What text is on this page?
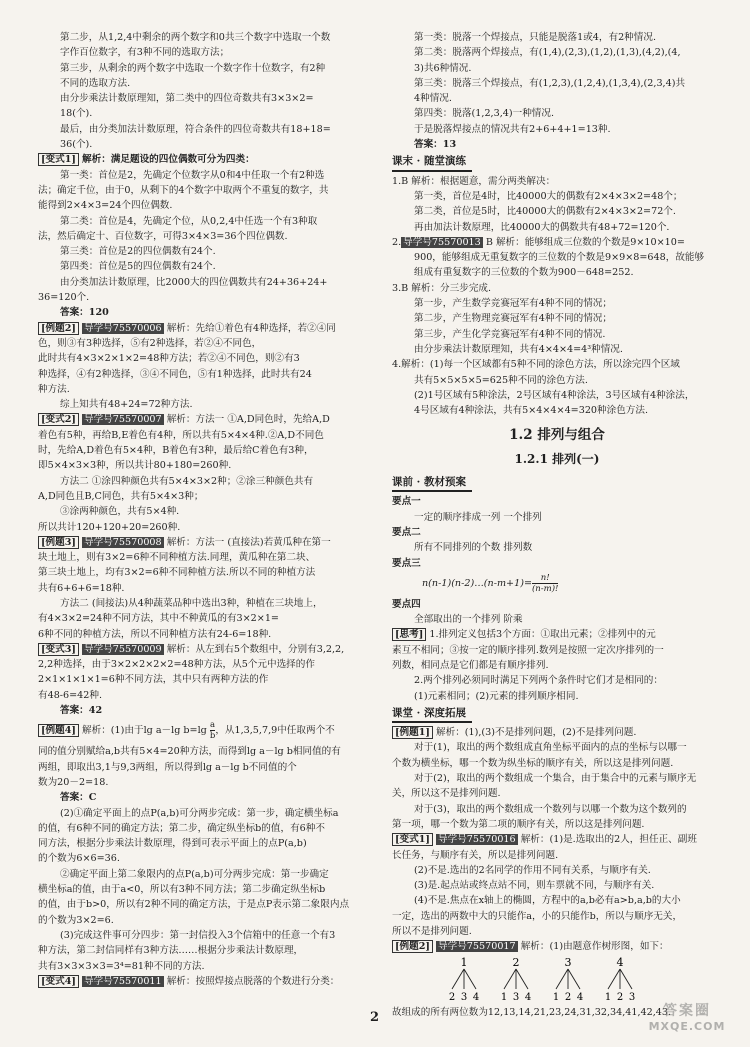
第二步，从1,2,4中剩余的两个数字和0共三个数字中选取一个数

字作百位数字，有3种不同的选取方法；

第三步，从剩余的两个数字中选取一个数字作十位数字，有2种

不同的选取方法.

由分步乘法计数原理知，第二类中的四位奇数共有3×3×2=

18(个).

最后，由分类加法计数原理，符合条件的四位奇数共有18+18=

36(个).

[变式1] 解析：满足题设的四位偶数可分为四类：

第一类：首位是2，先确定个位数字从0和4中任取一个有2种选

法；确定千位，由于0，从剩下的4个数字中取两个不重复的数字，共

能得到2×4×3=24个四位偶数.

第二类：首位是4，先确定个位，从0,2,4中任选一个有3种取

法，然后确定十、百位数字，可得3×4×3=36个四位偶数.

第三类：首位是2的四位偶数有24个.

第四类：首位是5的四位偶数有24个.

由分类加法计数原理，比2000大的四位偶数共有24+36+24+

36=120个.

答案：120

[例题2] 导学号75570006 解析：先给①着色有4种选择，若②④同

色，则③有3种选择，⑤有2种选择，若②④不同色，

此时共有4×3×2×1×2=48种方法；若②④不同色，则②有3

种选择，④有2种选择，③④不同色，⑤有1种选择，此时共有24

种方法.

综上知共有48+24=72种方法.

[变式2] 导学号75570007 解析：方法一 ①A,D同色时，先给A,D

着色有5种，再给B,E着色有4种，所以共有5×4×4种.②A,D不同色

时，先给A,D着色有5×4种，B着色有3种，最后给C着色有3种，

即5×4×3×3种，所以共计80+180=260种.

方法二 ①涂四种颜色共有5×4×3×2种；②涂三种颜色共有

A,D同色且B,C同色，共有5×4×3种；

③涂两种颜色，共有5×4种.

所以共计120+120+20=260种.

[例题3] 导学号75570008 解析：方法一 (直接法)若黄瓜种在第一

块土地上，则有3×2=6种不同种植方法.同理，黄瓜种在第二块、

第三块土地上，均有3×2=6种不同种植方法.所以不同的种植方法

共有6+6+6=18种.

方法二 (间接法)从4种蔬菜品种中选出3种，种植在三块地上，

有4×3×2=24种不同方法，其中不种黄瓜的有3×2×1=

6种不同的种植方法，所以不同种植方法有24-6=18种.

[变式3] 导学号75570009 解析：从左到右5个数组中，分别有3,2,2,

2,2种选择，由于3×2×2×2×2=48种方法，从5个元中选择的作

2×1×1×1×1=6种不同方法，其中只有两种方法的作

有48-6=42种.

答案：42

[例题4] 解析：(1)由于lg a－lg $b=\lg \frac{a}{b}$ ，从1,3,5,7,9中任取两个不

同的值分别赋给a,b共有5×4=20种方法，而得到lg a－lg b相同值的有

两组，即取出3,1与9,3两组，所以得到lg a－lg b不同值的个

数为20－2=18.

答案：C

(2)①确定平面上的点P(a,b)可分两步完成：第一步，确定横坐标a

的值，有6种不同的确定方法；第二步，确定纵坐标b的值，有6种不

同方法，根据分步乘法计数原理，得到可表示平面上的点P(a,b)

的个数为6×6=36.

②确定平面上第二象限内的点P(a,b)可分两步完成：第一步确定

横坐标a的值，由于a<0，所以有3种不同方法；第二步确定纵坐标b

的值，由于b>0，所以有2种不同的确定方法，于是点P表示第二象限内点

的个数为3×2=6.

(3)完成这件事可分四步：第一封信投入3个信箱中的任意一个有3

种方法，第二封信同样有3种方法……根据分步乘法计数原理，

共有3×3×3×3=3⁴=81种不同的方法.

[变式4] 导学号75570011 解析：按照焊接点脱落的个数进行分类：

第一类：脱落一个焊接点，只能是脱落1或4，有2种情况.

第二类：脱落两个焊接点，有(1,4),(2,3),(1,2),(1,3),(4,2),(4,

3)共6种情况.

第三类：脱落三个焊接点，有(1,2,3),(1,2,4),(1,3,4),(2,3,4)共

4种情况.

第四类：脱落(1,2,3,4)一种情况.

于是脱落焊接点的情况共有2+6+4+1=13种.

答案：13

课末 · 随堂演练

1.B 解析：根据题意，需分两类解决：

第一类，首位是4时，比40000大的偶数有2×4×3×2=48个；

第二类，首位是5时，比40000大的偶数有2×4×3×2=72个.

再由加法计数原理，比40000大的偶数共有48+72=120个.

2. 导学号75570013 B 解析：能够组成三位数的个数是9×10×10=

900，能够组成无重复数字的三位数的个数是9×9×8=648，故能够

组成有重复数字的三位数的个数为900－648=252.

3.B 解析：分三步完成.

第一步，产生数学竞赛冠军有4种不同的情况；

第二步，产生物理竞赛冠军有4种不同的情况；

第三步，产生化学竞赛冠军有4种不同的情况.

由分步乘法计数原理知，共有4×4×4=4³种情况.

4.解析：(1)每一个区域都有5种不同的涂色方法，所以涂完四个区域

共有5×5×5×5=625种不同的涂色方法.

(2)1号区域有5种涂法，2号区域有4种涂法，3号区域有4种涂法，

4号区域有4种涂法，共有5×4×4×4=320种涂色方法.

1.2 排列与组合
1.2.1 排列(一)
课前 · 教材预案

要点一

一定的顺序排成一列 一个排列

要点二

所有不同排列的个数 排列数

要点三

n(n-1)(n-2)…(n-m+1)= $\frac{n!}{(n-m)!}$

要点四

全部取出的一个排列 阶乘

[思考] 1.排列定义包括3个方面：①取出元素；②排列中的元

素互不相同；③按一定的顺序排列.数列是按照一定次序排列的一

列数，相同点是它们都是有顺序排列.

2.两个排列必须同时满足下列两个条件时它们才是相同的：

(1)元素相同；(2)元素的排列顺序相同.

课堂 · 深度拓展

[例题1] 解析：(1),(3)不是排列问题，(2)不是排列问题.

对于(1)，取出的两个数组成直角坐标平面内的点的坐标与以哪一

个数为横坐标，哪一个数为纵坐标的顺序有关，所以这是排列问题.

对于(2)，取出的两个数组成一个集合，由于集合中的元素与顺序无

关，所以这不是排列问题.

对于(3)，取出的两个数组成一个数列与以哪一个数为这个数列的

第一项，哪一个数为第二项的顺序有关，所以这是排列问题.

[变式1] 导学号75570016 解析：(1)是.选取出的2人，担任正、副班

长任务，与顺序有关，所以是排列问题.

(2)不是.选出的2名同学的作用不同有关系，与顺序有关.

(3)是.起点站或终点站不同，则车票就不同，与顺序有关.

(4)不是.焦点在x轴上的椭圆，方程中的a,b必有a>b,a,b的大小

一定，选出的两数中大的只能作a，小的只能作b，所以与顺序无关，

所以不是排列问题.

[例题2] 导学号75570017 解析：(1)由题意作树形图，如下：

1
2 3 4
2
1 3 4
3
1 2 4
4
1 2 3

故组成的所有两位数为12,13,14,21,23,24,31,32,34,41,42,43.

2	答案圈
MXQE.COM
